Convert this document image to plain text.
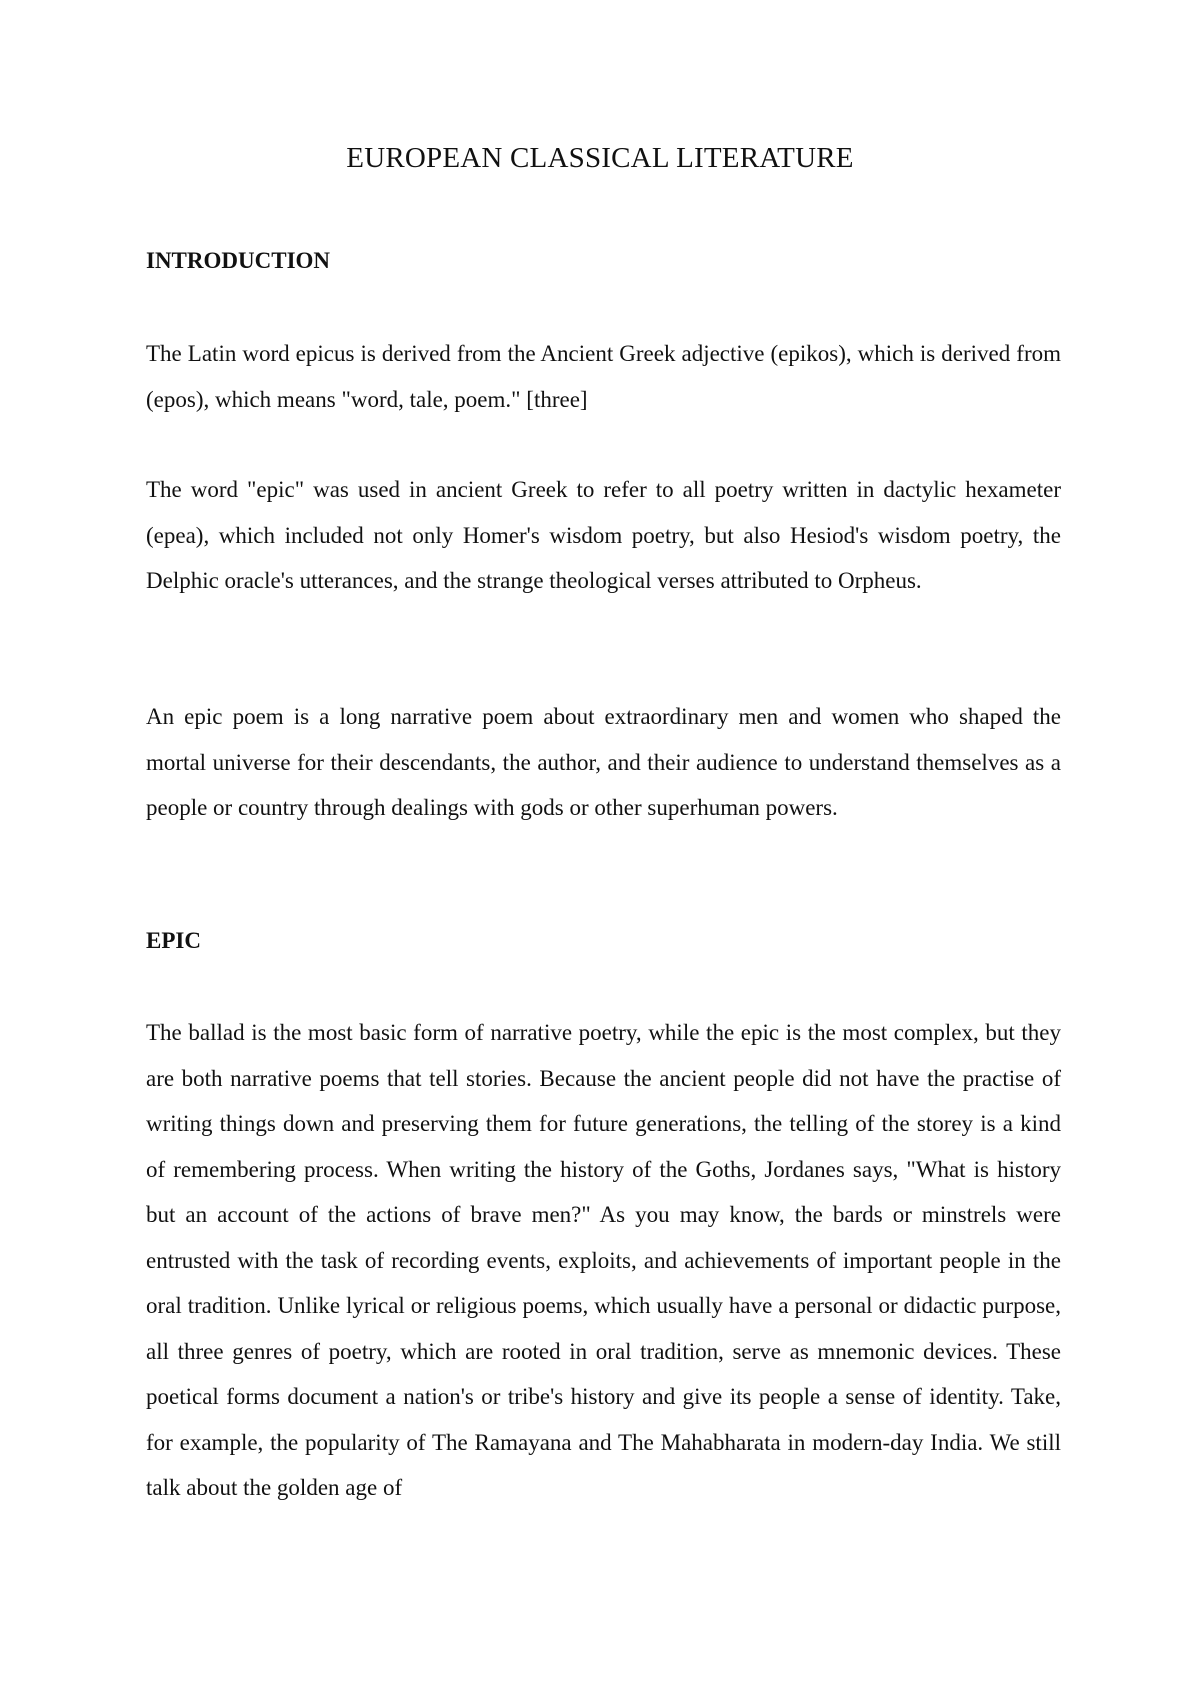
EUROPEAN CLASSICAL LITERATURE
INTRODUCTION

The Latin word epicus is derived from the Ancient Greek adjective (epikos), which is derived from (epos), which means "word, tale, poem." [three]

The word "epic" was used in ancient Greek to refer to all poetry written in dactylic hexameter (epea), which included not only Homer's wisdom poetry, but also Hesiod's wisdom poetry, the Delphic oracle's utterances, and the strange theological verses attributed to Orpheus.

An epic poem is a long narrative poem about extraordinary men and women who shaped the mortal universe for their descendants, the author, and their audience to understand themselves as a people or country through dealings with gods or other superhuman powers.

EPIC

The ballad is the most basic form of narrative poetry, while the epic is the most complex, but they are both narrative poems that tell stories. Because the ancient people did not have the practise of writing things down and preserving them for future generations, the telling of the storey is a kind of remembering process. When writing the history of the Goths, Jordanes says, "What is history but an account of the actions of brave men?" As you may know, the bards or minstrels were entrusted with the task of recording events, exploits, and achievements of important people in the oral tradition. Unlike lyrical or religious poems, which usually have a personal or didactic purpose, all three genres of poetry, which are rooted in oral tradition, serve as mnemonic devices. These poetical forms document a nation's or tribe's history and give its people a sense of identity. Take, for example, the popularity of The Ramayana and The Mahabharata in modern-day India. We still talk about the golden age of
